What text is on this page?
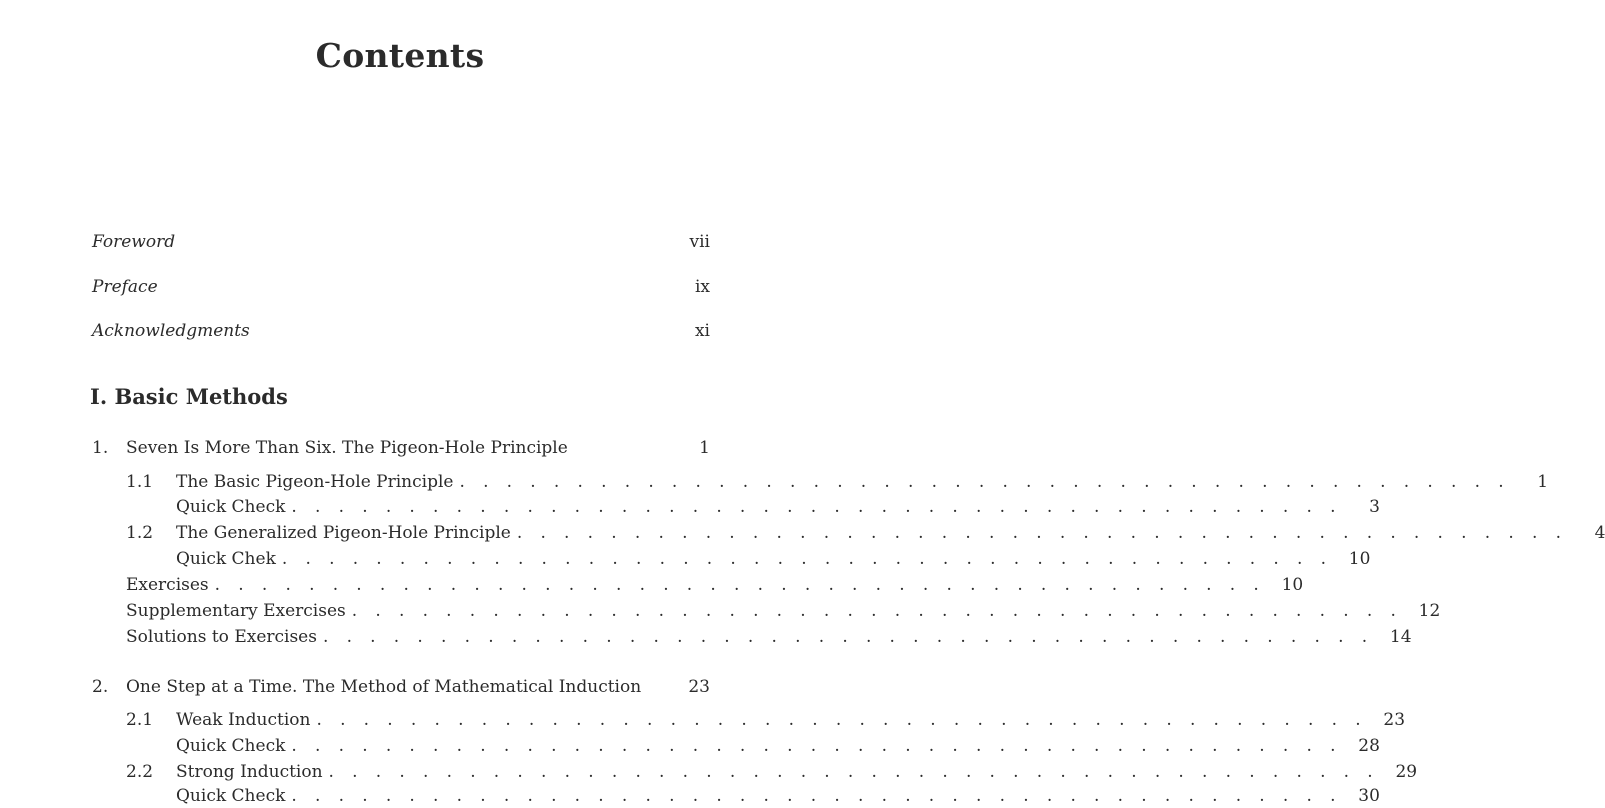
Contents
Foreword	vii
Preface	ix
Acknowledgments	xi
I. Basic Methods
1. Seven Is More Than Six. The Pigeon-Hole Principle	1
1.1 The Basic Pigeon-Hole Principle . . . . . . . . . . . . . . . . . . . . . . . . . . . . . . . . . . . . . . . . . . . . .	1
Quick Check . . . . . . . . . . . . . . . . . . . . . . . . . . . . . . . . . . . . . . . . . . . . .	3
1.2 The Generalized Pigeon-Hole Principle . . . . . . . . . . . . . . . . . . . . . . . . . . . . . . . . . . . . . . . . . . . . .	4
Quick Chek . . . . . . . . . . . . . . . . . . . . . . . . . . . . . . . . . . . . . . . . . . . . . 10
Exercises . . . . . . . . . . . . . . . . . . . . . . . . . . . . . . . . . . . . . . . . . . . . . 10
Supplementary Exercises . . . . . . . . . . . . . . . . . . . . . . . . . . . . . . . . . . . . . . . . . . . . . 12
Solutions to Exercises . . . . . . . . . . . . . . . . . . . . . . . . . . . . . . . . . . . . . . . . . . . . . 14
2. One Step at a Time. The Method of Mathematical Induction	23
2.1 Weak Induction . . . . . . . . . . . . . . . . . . . . . . . . . . . . . . . . . . . . . . . . . . . . . 23
Quick Check . . . . . . . . . . . . . . . . . . . . . . . . . . . . . . . . . . . . . . . . . . . . . 28
2.2 Strong Induction . . . . . . . . . . . . . . . . . . . . . . . . . . . . . . . . . . . . . . . . . . . . . 29
Quick Check . . . . . . . . . . . . . . . . . . . . . . . . . . . . . . . . . . . . . . . . . . . . . 30
